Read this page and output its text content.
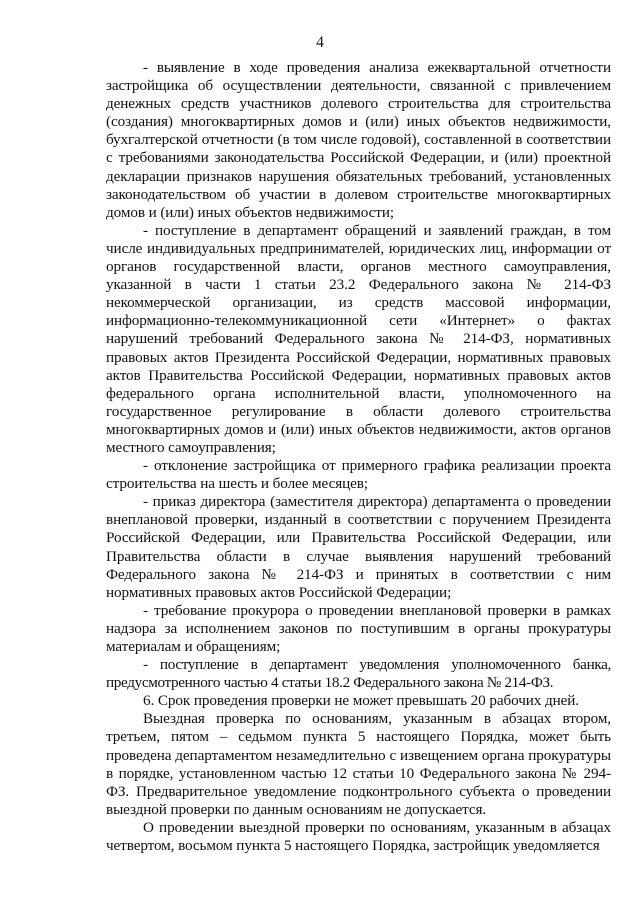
4

- выявление в ходе проведения анализа ежеквартальной отчетности застройщика об осуществлении деятельности, связанной с привлечением денежных средств участников долевого строительства для строительства (создания) многоквартирных домов и (или) иных объектов недвижимости, бухгалтерской отчетности (в том числе годовой), составленной в соответствии с требованиями законодательства Российской Федерации, и (или) проектной декларации признаков нарушения обязательных требований, установленных законодательством об участии в долевом строительстве многоквартирных домов и (или) иных объектов недвижимости;

- поступление в департамент обращений и заявлений граждан, в том числе индивидуальных предпринимателей, юридических лиц, информации от органов государственной власти, органов местного самоуправления, указанной в части 1 статьи 23.2 Федерального закона № 214-ФЗ некоммерческой организации, из средств массовой информации, информационно-телекоммуникационной сети «Интернет» о фактах нарушений требований Федерального закона № 214-ФЗ, нормативных правовых актов Президента Российской Федерации, нормативных правовых актов Правительства Российской Федерации, нормативных правовых актов федерального органа исполнительной власти, уполномоченного на государственное регулирование в области долевого строительства многоквартирных домов и (или) иных объектов недвижимости, актов органов местного самоуправления;

- отклонение застройщика от примерного графика реализации проекта строительства на шесть и более месяцев;

- приказ директора (заместителя директора) департамента о проведении внеплановой проверки, изданный в соответствии с поручением Президента Российской Федерации, или Правительства Российской Федерации, или Правительства области в случае выявления нарушений требований Федерального закона № 214-ФЗ и принятых в соответствии с ним нормативных правовых актов Российской Федерации;

- требование прокурора о проведении внеплановой проверки в рамках надзора за исполнением законов по поступившим в органы прокуратуры материалам и обращениям;

- поступление в департамент уведомления уполномоченного банка, предусмотренного частью 4 статьи 18.2 Федерального закона № 214-ФЗ.

6. Срок проведения проверки не может превышать 20 рабочих дней.

Выездная проверка по основаниям, указанным в абзацах втором, третьем, пятом – седьмом пункта 5 настоящего Порядка, может быть проведена департаментом незамедлительно с извещением органа прокуратуры в порядке, установленном частью 12 статьи 10 Федерального закона № 294-ФЗ. Предварительное уведомление подконтрольного субъекта о проведении выездной проверки по данным основаниям не допускается.

О проведении выездной проверки по основаниям, указанным в абзацах четвертом, восьмом пункта 5 настоящего Порядка, застройщик уведомляется
